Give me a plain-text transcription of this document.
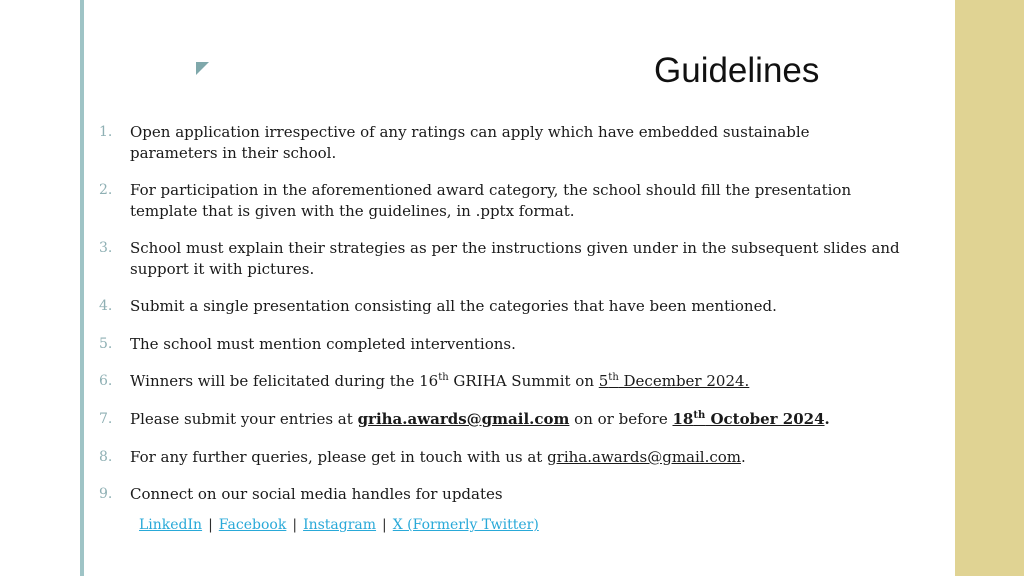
Guidelines
1.	Open application irrespective of any ratings can apply which have embedded sustainable parameters in their school.
2.	For participation in the aforementioned award category, the school should fill the presentation template that is given with the guidelines, in .pptx format.
3.	School must explain their strategies as per the instructions given under in the subsequent slides and support it with pictures.
4.	Submit a single presentation consisting all the categories that have been mentioned.
5.	The school must mention completed interventions.
6.	Winners will be felicitated during the 16th GRIHA Summit on 5th December 2024.
7.	Please submit your entries at griha.awards@gmail.com on or before 18th October 2024.
8.	For any further queries, please get in touch with us at griha.awards@gmail.com.
9.	Connect on our social media handles for updates
LinkedIn | Facebook | Instagram | X (Formerly Twitter)
